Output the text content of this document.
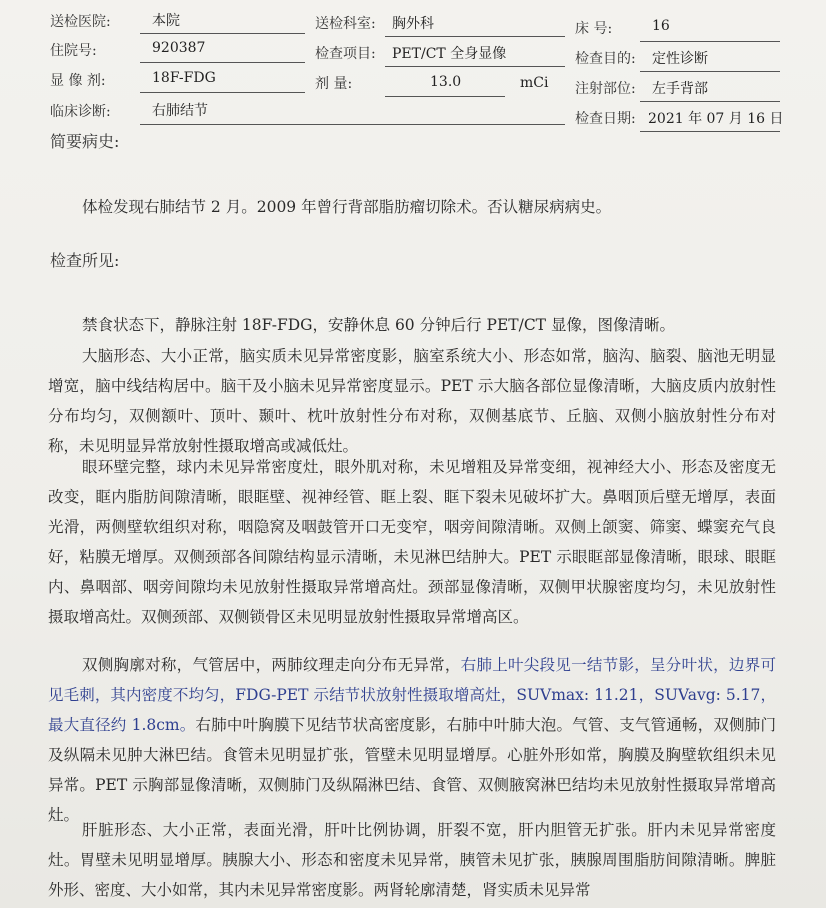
送检医院:	本院	送检科室: 胸外科	床 号:	16
住院号:	920387	检查项目: PET/CT 全身显像	检查目的: 定性诊断
显 像 剂:	18F-FDG	剂 量:	13.0	mCi 注射部位: 左手背部
临床诊断:	右肺结节	检查日期: 2021 年 07 月 16 日
简要病史:
体检发现右肺结节 2 月。2009 年曾行背部脂肪瘤切除术。否认糖尿病病史。
检查所见:
禁食状态下，静脉注射 18F-FDG，安静休息 60 分钟后行 PET/CT 显像，图像清晰。
大脑形态、大小正常，脑实质未见异常密度影，脑室系统大小、形态如常，脑沟、脑裂、脑池无明显增宽，脑中线结构居中。脑干及小脑未见异常密度显示。PET 示大脑各部位显像清晰，大脑皮质内放射性分布均匀，双侧额叶、顶叶、颞叶、枕叶放射性分布对称，双侧基底节、丘脑、双侧小脑放射性分布对称，未见明显异常放射性摄取增高或减低灶。
眼环壁完整，球内未见异常密度灶，眼外肌对称，未见增粗及异常变细，视神经大小、形态及密度无改变，眶内脂肪间隙清晰，眼眶壁、视神经管、眶上裂、眶下裂未见破坏扩大。鼻咽顶后壁无增厚，表面光滑，两侧壁软组织对称，咽隐窝及咽鼓管开口无变窄，咽旁间隙清晰。双侧上颌窦、筛窦、蝶窦充气良好，粘膜无增厚。双侧颈部各间隙结构显示清晰，未见淋巴结肿大。PET 示眼眶部显像清晰，眼球、眼眶内、鼻咽部、咽旁间隙均未见放射性摄取异常增高灶。颈部显像清晰，双侧甲状腺密度均匀，未见放射性摄取增高灶。双侧颈部、双侧锁骨区未见明显放射性摄取异常增高区。
双侧胸廓对称，气管居中，两肺纹理走向分布无异常，右肺上叶尖段见一结节影，呈分叶状，边界可见毛刺，其内密度不均匀，FDG-PET 示结节状放射性摄取增高灶，SUVmax: 11.21，SUVavg: 5.17，最大直径约 1.8cm。右肺中叶胸膜下见结节状高密度影，右肺中叶肺大泡。气管、支气管通畅，双侧肺门及纵隔未见肿大淋巴结。食管未见明显扩张，管壁未见明显增厚。心脏外形如常，胸膜及胸壁软组织未见异常。PET 示胸部显像清晰，双侧肺门及纵隔淋巴结、食管、双侧腋窝淋巴结均未见放射性摄取异常增高灶。
肝脏形态、大小正常，表面光滑，肝叶比例协调，肝裂不宽，肝内胆管无扩张。肝内未见异常密度灶。胃壁未见明显增厚。胰腺大小、形态和密度未见异常，胰管未见扩张，胰腺周围脂肪间隙清晰。脾脏外形、密度、大小如常，其内未见异常密度影。两肾轮廓清楚，肾实质未见异常
